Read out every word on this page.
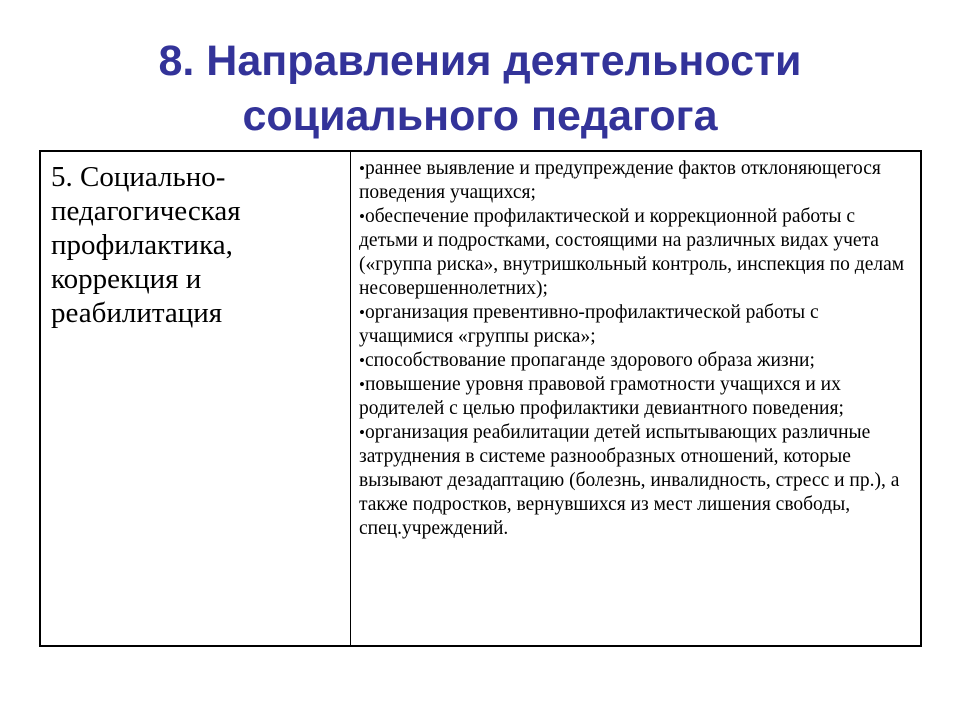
8. Направления деятельности
социального педагога
5. Социально-педагогическая профилактика, коррекция и реабилитация
•раннее выявление и предупреждение фактов отклоняющегося поведения учащихся;
•обеспечение профилактической и коррекционной работы с детьми и подростками, состоящими на различных видах учета («группа риска», внутришкольный контроль, инспекция по делам несовершеннолетних);
•организация превентивно-профилактической работы с учащимися «группы риска»;
•способствование пропаганде здорового образа жизни;
•повышение уровня правовой грамотности учащихся и их родителей с целью профилактики девиантного поведения;
•организация реабилитации детей испытывающих различные затруднения в системе разнообразных отношений, которые вызывают дезадаптацию (болезнь, инвалидность, стресс и пр.), а также подростков, вернувшихся из мест лишения свободы, спец.учреждений.
